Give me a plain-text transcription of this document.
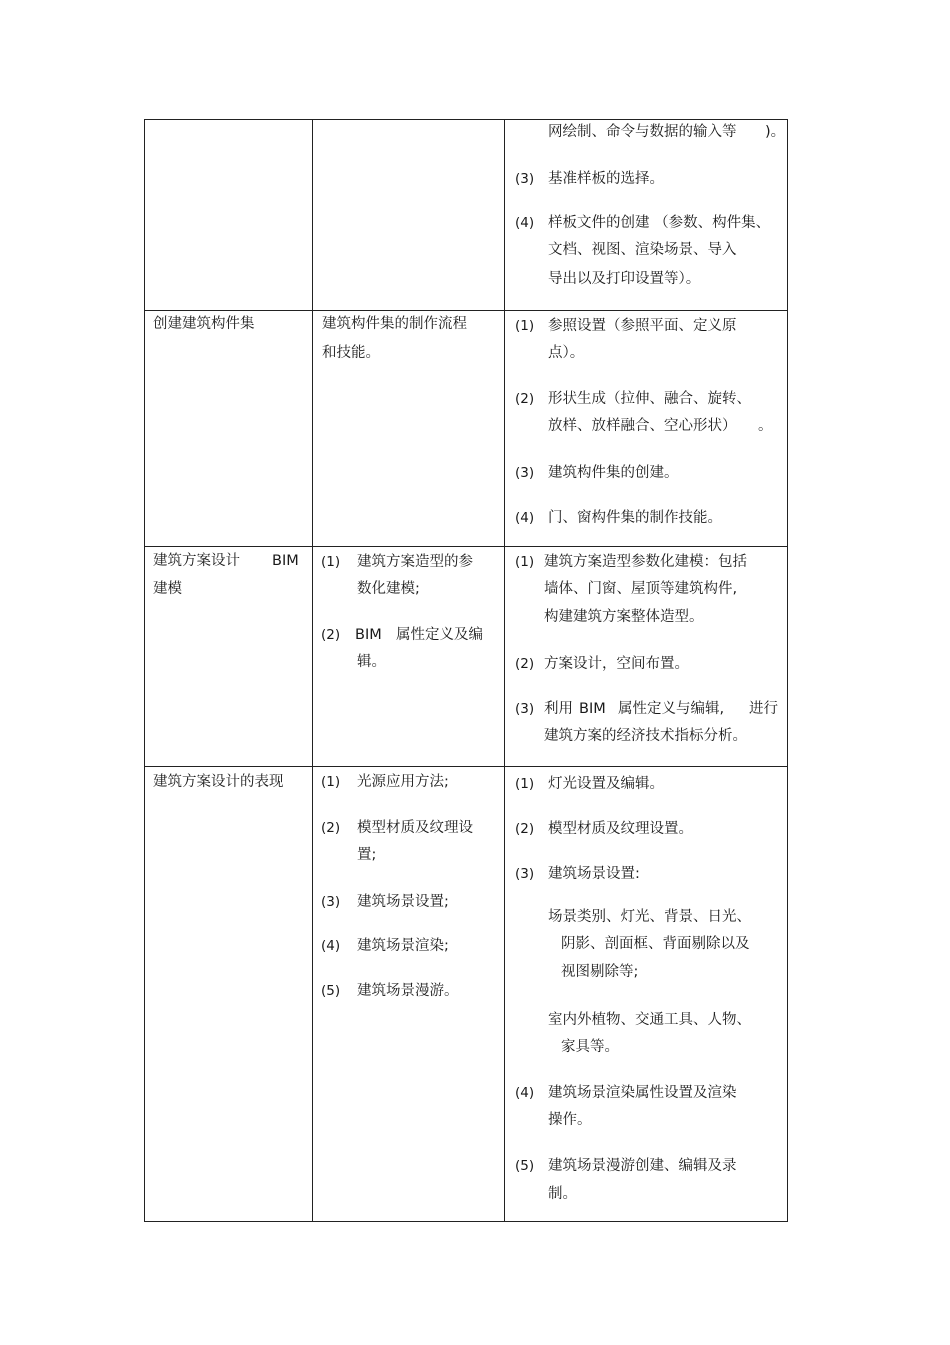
网绘制、命令与数据的输入等 )。
(3) 基准样板的选择。
(4) 样板文件的创建 （参数、构件集、
文档、视图、渲染场景、导入
导出以及打印设置等）。
创建建筑构件集	建筑构件集的制作流程
和技能。
(1) 参照设置（参照平面、定义原
点）。
(2) 形状生成（拉伸、融合、旋转、
放样、放样融合、空心形状） 。
(3) 建筑构件集的创建。
(4) 门、窗构件集的制作技能。
建筑方案设计 BIM
建模
(1) 建筑方案造型的参
数化建模;
(2) BIM 属性定义及编
辑。
(1) 建筑方案造型参数化建模：包括
墙体、门窗、屋顶等建筑构件,
构建建筑方案整体造型。
(2) 方案设计，空间布置。
(3) 利用 BIM 属性定义与编辑, 进行
建筑方案的经济技术指标分析。
建筑方案设计的表现	(1) 光源应用方法;
(2) 模型材质及纹理设
置;
(3) 建筑场景设置;
(4) 建筑场景渲染;
(5) 建筑场景漫游。
(1) 灯光设置及编辑。
(2) 模型材质及纹理设置。
(3) 建筑场景设置:
场景类别、灯光、背景、日光、
阴影、剖面框、背面剔除以及
视图剔除等;
室内外植物、交通工具、人物、
家具等。
(4) 建筑场景渲染属性设置及渲染
操作。
(5) 建筑场景漫游创建、编辑及录
制。
